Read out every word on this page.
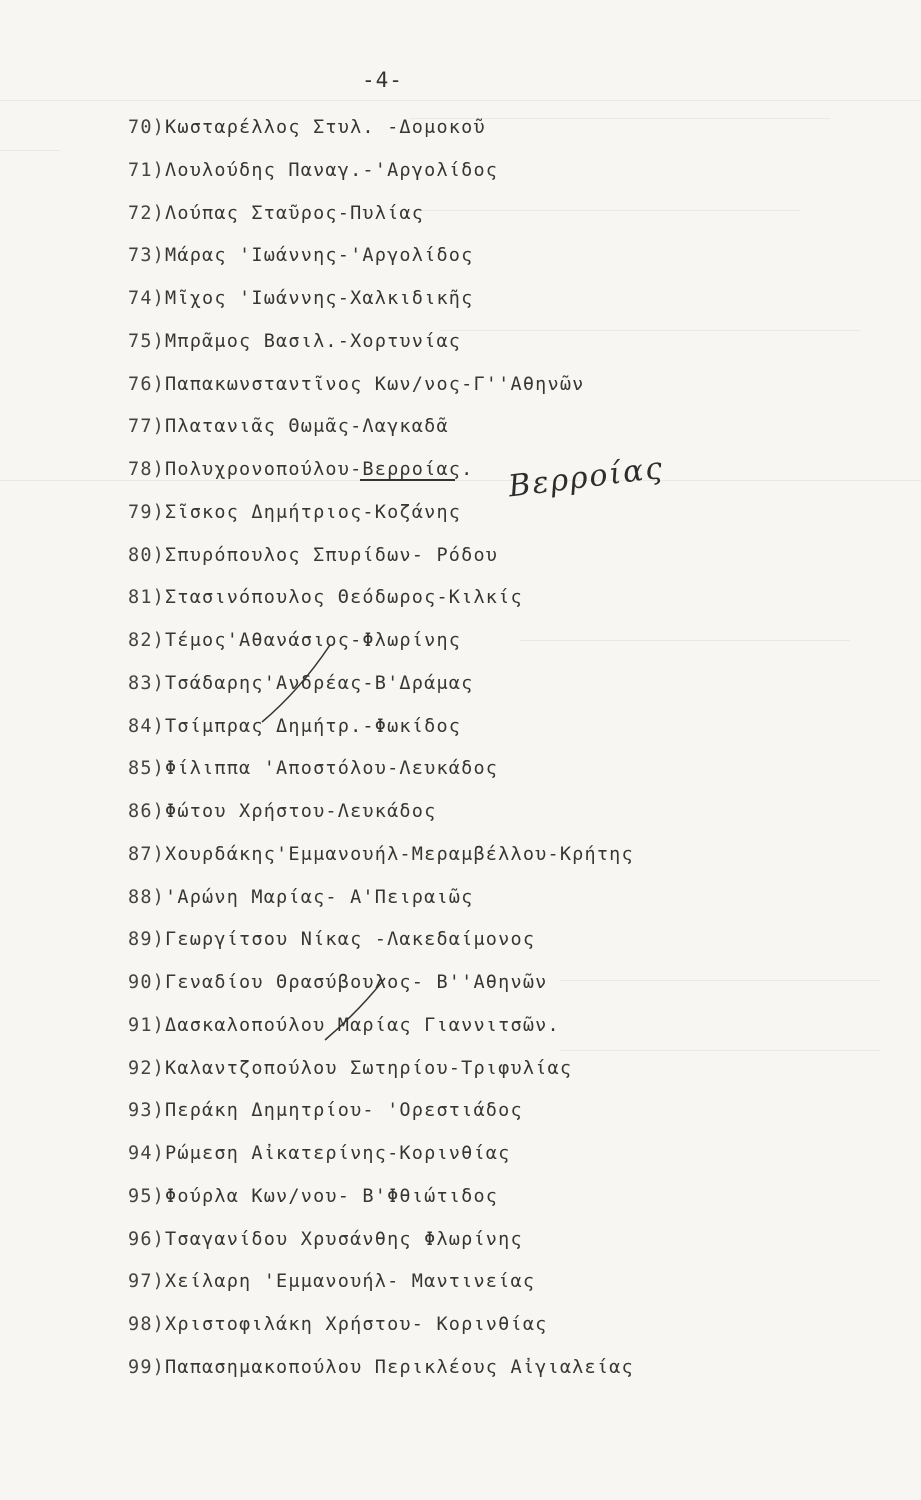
-4-
70)Κωσταρέλλος Στυλ. -Δομοκοῦ
71)Λουλούδης Παναγ.-'Αργολίδος
72)Λούπας Σταῦρος-Πυλίας
73)Μάρας 'Ιωάννης-'Αργολίδος
74)Μῖχος 'Ιωάννης-Χαλκιδικῆς
75)Μπρᾶμος Βασιλ.-Χορτυνίας
76)Παπακωνσταντῖνος Κων/νος-Γ''Αθηνῶν
77)Πλατανιᾶς Θωμᾶς-Λαγκαδᾶ
78)Πολυχρονοπούλου-Βερροίας.
79)Σῖσκος Δημήτριος-Κοζάνης
80)Σπυρόπουλος Σπυρίδων- Ρόδου
81)Στασινόπουλος Θεόδωρος-Κιλκίς
82)Τέμος'Αθανάσιος-Φλωρίνης
83)Τσάδαρης'Ανδρέας-Β'Δράμας
84)Τσίμπρας Δημήτρ.-Φωκίδος
85)Φίλιππα 'Αποστόλου-Λευκάδος
86)Φώτου Χρήστου-Λευκάδος
87)Χουρδάκης'Εμμανουήλ-Μεραμβέλλου-Κρήτης
88)'Αρώνη Μαρίας- Α'Πειραιῶς
89)Γεωργίτσου Νίκας -Λακεδαίμονος
90)Γεναδίου Θρασύβουλος- Β''Αθηνῶν
91)Δασκαλοπούλου Μαρίας Γιαννιτσῶν.
92)Καλαντζοπούλου Σωτηρίου-Τριφυλίας
93)Περάκη Δημητρίου- 'Ορεστιάδος
94)Ρώμεση Αἰκατερίνης-Κορινθίας
95)Φούρλα Κων/νου- Β'Φθιώτιδος
96)Τσαγανίδου Χρυσάνθης Φλωρίνης
97)Χείλαρη 'Εμμανουήλ- Μαντινείας
98)Χριστοφιλάκη Χρήστου- Κορινθίας
99)Παπασημακοπούλου Περικλέους Αἰγιαλείας
Βερροίας
